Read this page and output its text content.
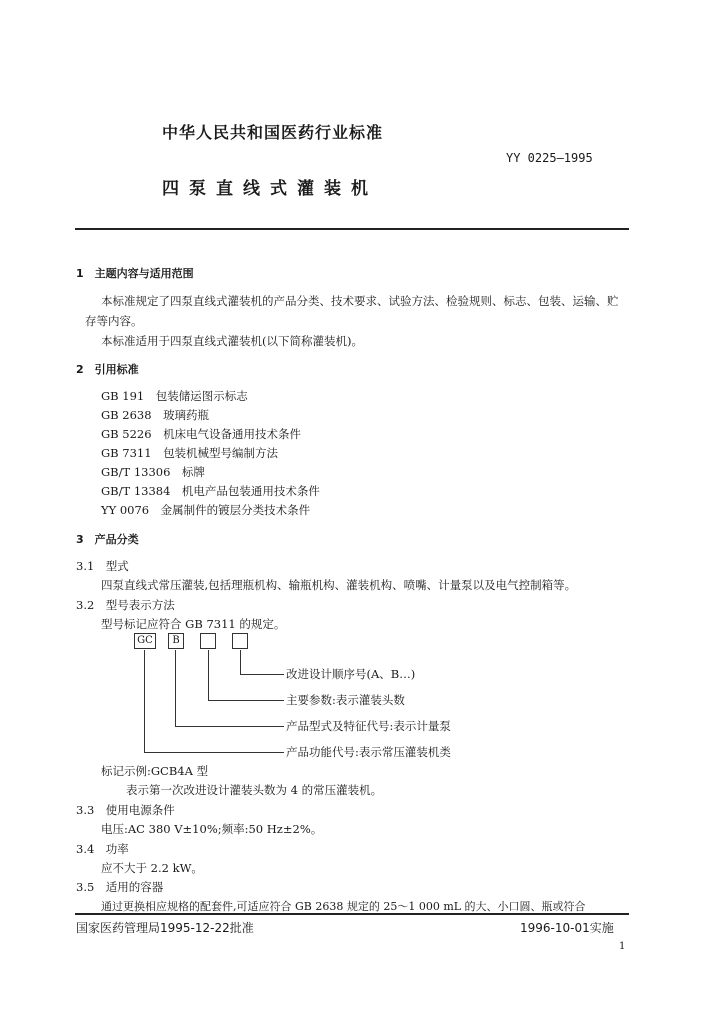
中华人民共和国医药行业标准
YY 0225—1995
四泵直线式灌装机
1　主题内容与适用范围
本标准规定了四泵直线式灌装机的产品分类、技术要求、试验方法、检验规则、标志、包装、运输、贮
存等内容。
本标准适用于四泵直线式灌装机(以下简称灌装机)。
2　引用标准
GB 191　 包装储运图示标志
GB 2638　 玻璃药瓶
GB 5226　 机床电气设备通用技术条件
GB 7311　 包装机械型号编制方法
GB/T 13306　 标牌
GB/T 13384　 机电产品包装通用技术条件
YY 0076　 金属制件的镀层分类技术条件
3　产品分类
3.1　型式
四泵直线式常压灌装,包括理瓶机构、输瓶机构、灌装机构、喷嘴、计量泵以及电气控制箱等。
3.2　型号表示方法
型号标记应符合 GB 7311 的规定。
GC	B
改进设计顺序号(A、B…)
主要参数:表示灌装头数
产品型式及特征代号:表示计量泵
产品功能代号:表示常压灌装机类
标记示例:GCB4A 型
表示第一次改进设计灌装头数为 4 的常压灌装机。
3.3　使用电源条件
电压:AC 380 V±10%;频率:50 Hz±2%。
3.4　功率
应不大于 2.2 kW。
3.5　适用的容器
通过更换相应规格的配套件,可适应符合 GB 2638 规定的 25～1 000 mL 的大、小口圆、瓶或符合
国家医药管理局1995-12-22批准	1996-10-01实施
1
